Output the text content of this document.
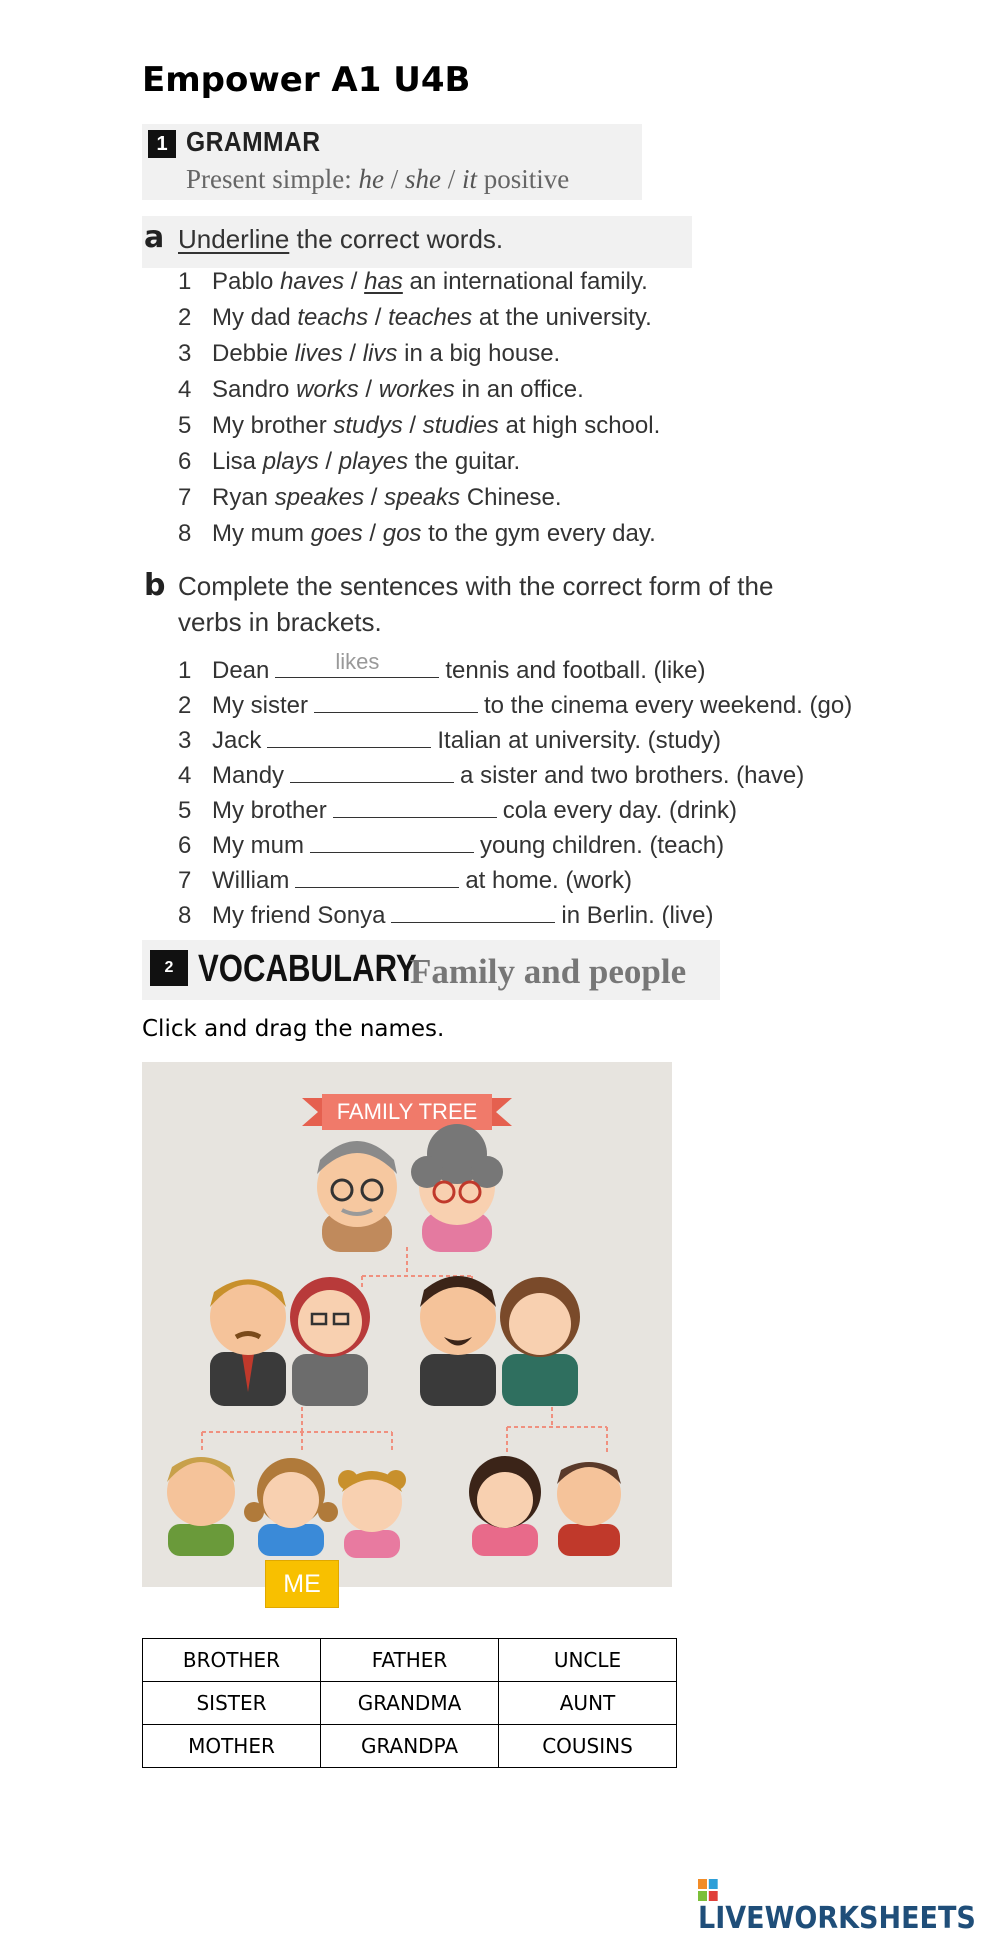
Empower A1 U4B
1 GRAMMAR
Present simple: he / she / it positive
a Underline the correct words.
1 Pablo haves / has an international family.
2 My dad teachs / teaches at the university.
3 Debbie lives / livs in a big house.
4 Sandro works / workes in an office.
5 My brother studys / studies at high school.
6 Lisa plays / playes the guitar.
7 Ryan speakes / speaks Chinese.
8 My mum goes / gos to the gym every day.
b Complete the sentences with the correct form of the
verbs in brackets.
1 Dean	likes	tennis and football. (like)
2 My sister	to the cinema every weekend. (go)
3 Jack	Italian at university. (study)
4 Mandy	a sister and two brothers. (have)
5 My brother	cola every day. (drink)
6 My mum	young children. (teach)
7 William	at home. (work)
8 My friend Sonya	in Berlin. (live)
2 VOCABULARY
Family and people
Click and drag the names.
FAMILY TREE
ME
BROTHER	FATHER	UNCLE
SISTER	GRANDMA	AUNT
MOTHER	GRANDPA	COUSINS
LIVEWORKSHEETS
